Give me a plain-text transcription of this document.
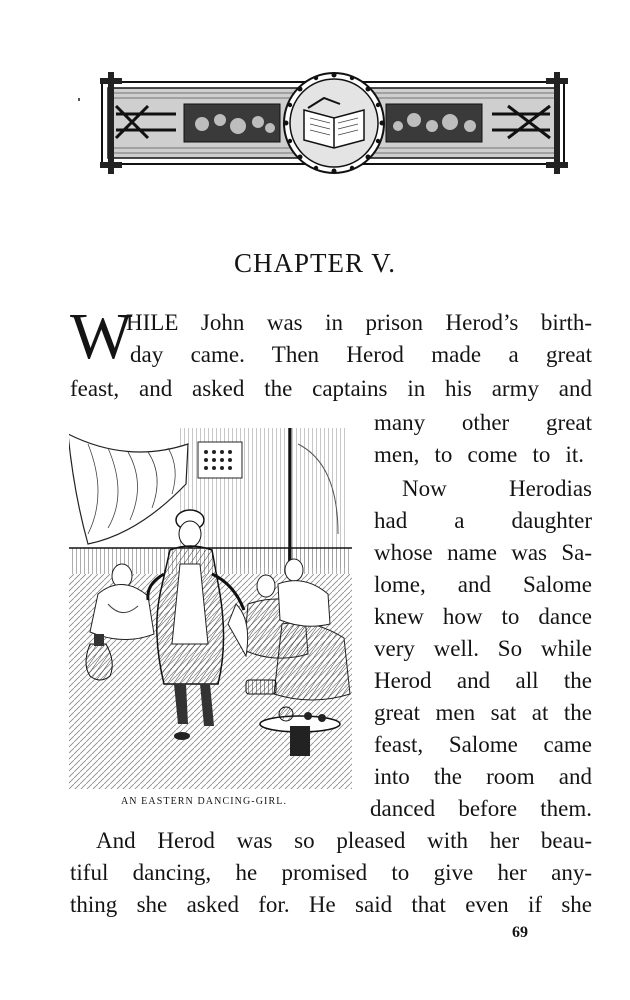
CHAPTER V.
W
HILE John was in prison Herod’s birth-
day came. Then Herod made a great
feast, and asked the captains in his army and
many other great
men, to come to it.
Now Herodias
had a daughter
whose name was Sa-
lome, and Salome
knew how to dance
very well. So while
Herod and all the
great men sat at the
feast, Salome came
into the room and
danced before them.
And Herod was so pleased with her beau-
tiful dancing, he promised to give her any-
thing she asked for. He said that even if she
AN EASTERN DANCING-GIRL.
69
